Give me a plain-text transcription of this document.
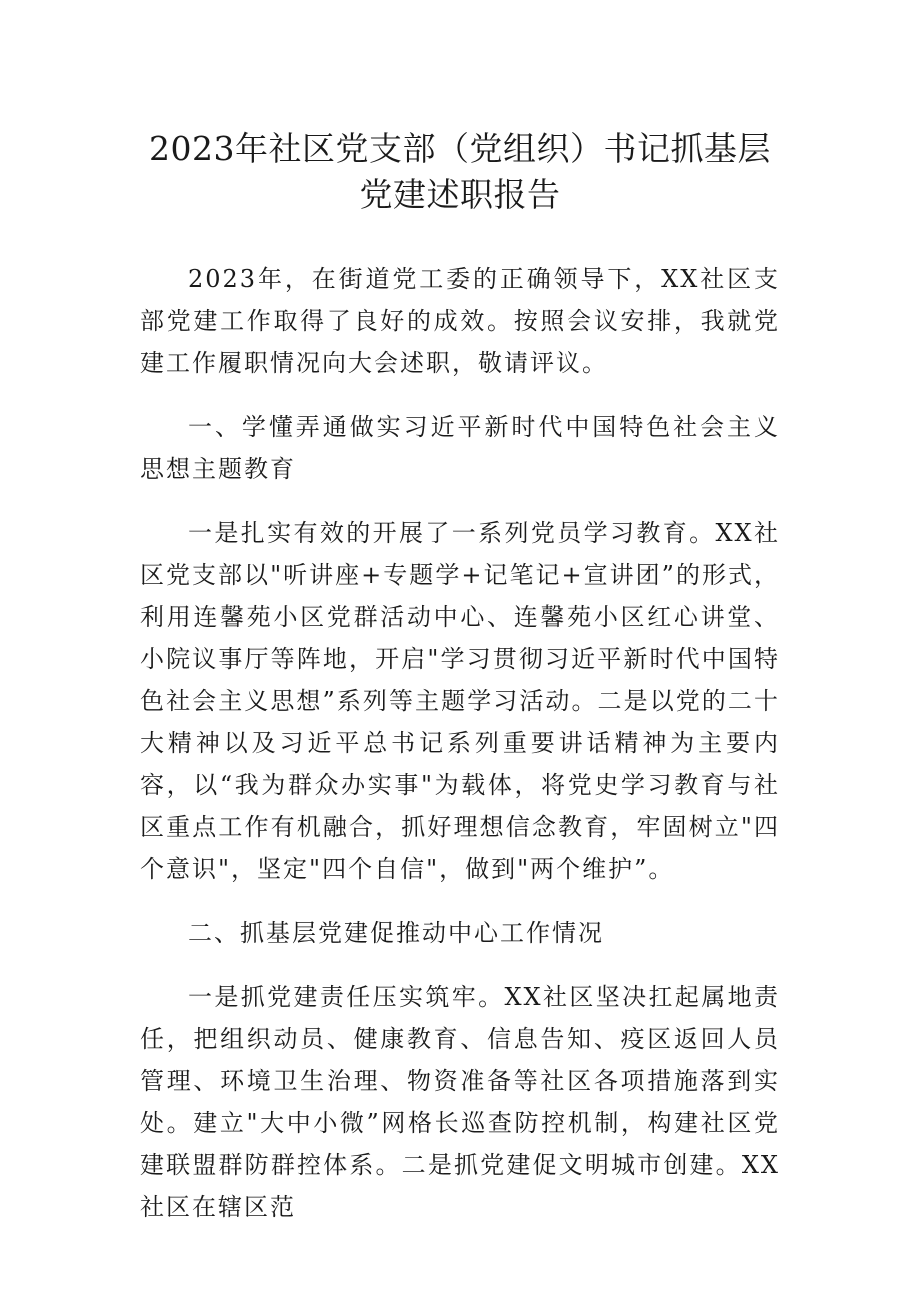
2023年社区党支部（党组织）书记抓基层
党建述职报告

2023年，在街道党工委的正确领导下，XX社区支部党建工作取得了良好的成效。按照会议安排，我就党建工作履职情况向大会述职，敬请评议。

一、学懂弄通做实习近平新时代中国特色社会主义思想主题教育

一是扎实有效的开展了一系列党员学习教育。XX社区党支部以"听讲座+专题学+记笔记+宣讲团”的形式，利用连馨苑小区党群活动中心、连馨苑小区红心讲堂、小院议事厅等阵地，开启"学习贯彻习近平新时代中国特色社会主义思想”系列等主题学习活动。二是以党的二十大精神以及习近平总书记系列重要讲话精神为主要内容，以“我为群众办实事"为载体，将党史学习教育与社区重点工作有机融合，抓好理想信念教育，牢固树立"四个意识"，坚定"四个自信"，做到"两个维护”。

二、抓基层党建促推动中心工作情况

一是抓党建责任压实筑牢。XX社区坚决扛起属地责任，把组织动员、健康教育、信息告知、疫区返回人员管理、环境卫生治理、物资准备等社区各项措施落到实处。建立"大中小微”网格长巡查防控机制，构建社区党建联盟群防群控体系。二是抓党建促文明城市创建。XX社区在辖区范
